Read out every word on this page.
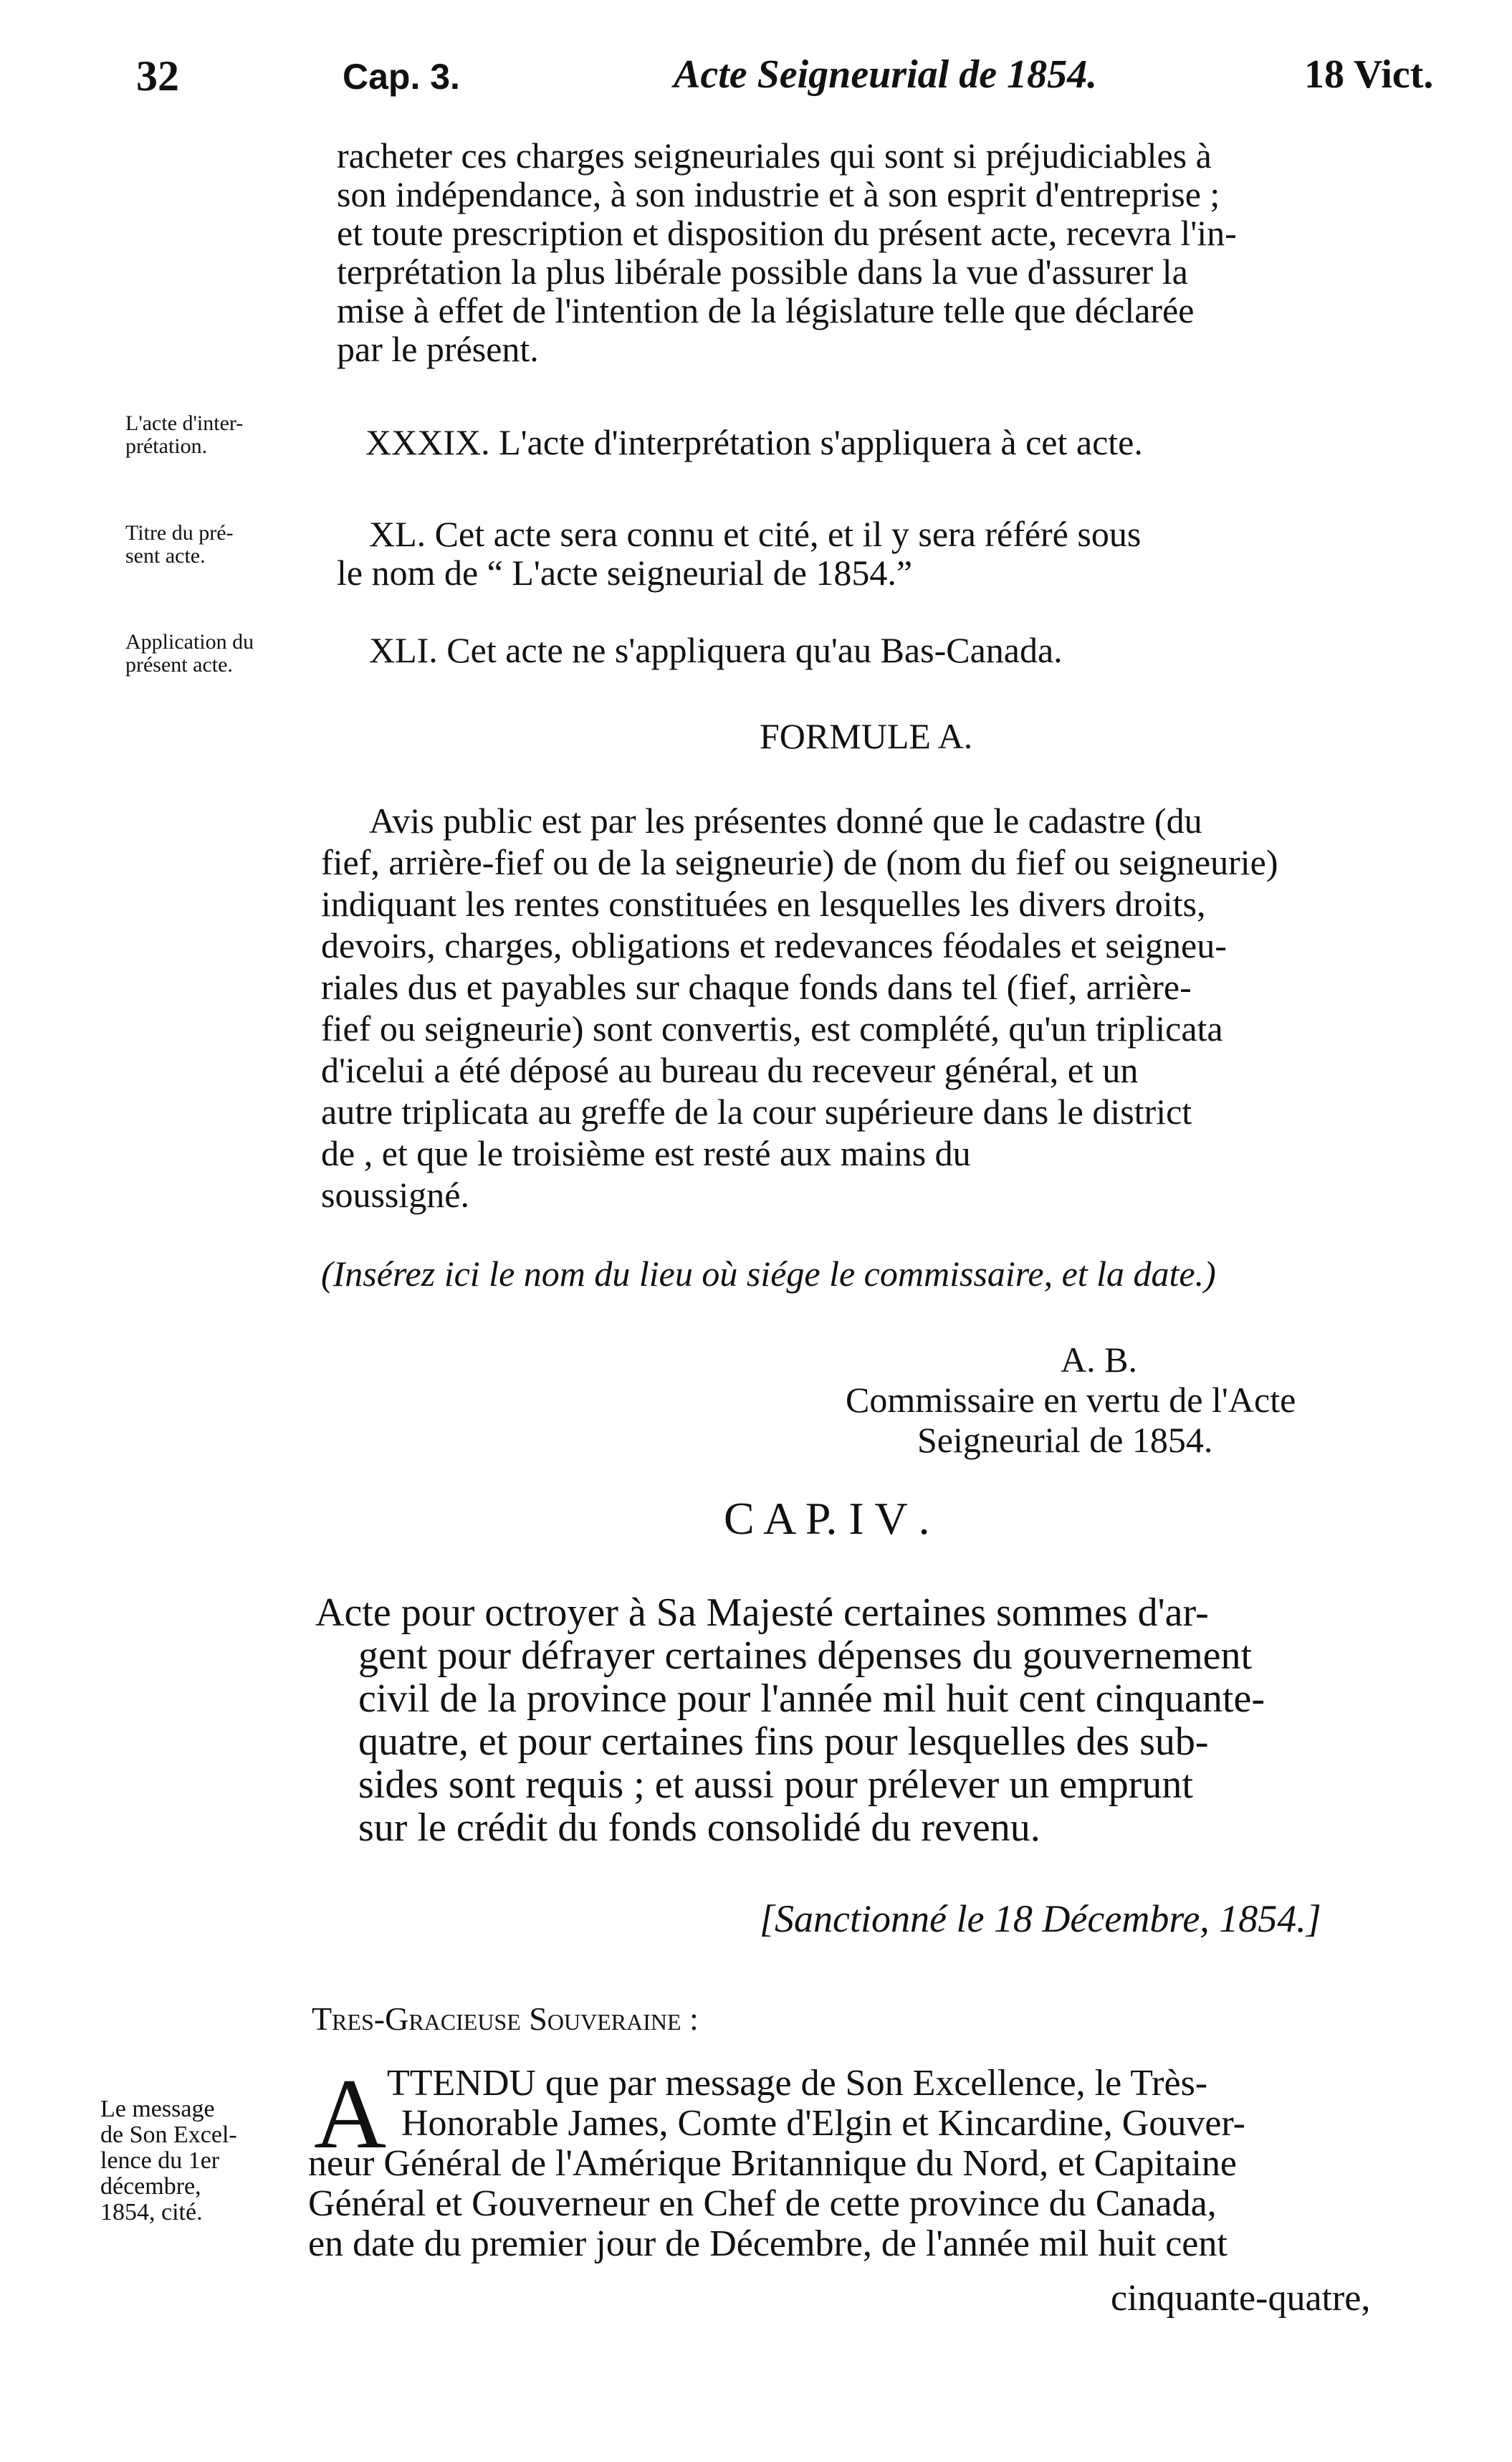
32	Cap. 3.	Acte Seigneurial de 1854.	18 Vict.
racheter ces charges seigneuriales qui sont si préjudiciables à
son indépendance, à son industrie et à son esprit d'entreprise ;
et toute prescription et disposition du présent acte, recevra l'in-
terprétation la plus libérale possible dans la vue d'assurer la
mise à effet de l'intention de la législature telle que déclarée
par le présent.
L'acte d'inter-
prétation.	XXXIX. L'acte d'interprétation s'appliquera à cet acte.
Titre du pré-
sent acte.
XL. Cet acte sera connu et cité, et il y sera référé sous
le nom de “ L'acte seigneurial de 1854.”
Application du
présent acte.	XLI. Cet acte ne s'appliquera qu'au Bas-Canada.
FORMULE A.
Avis public est par les présentes donné que le cadastre (du
fief, arrière-fief ou de la seigneurie) de (nom du fief ou seigneurie)
indiquant les rentes constituées en lesquelles les divers droits,
devoirs, charges, obligations et redevances féodales et seigneu-
riales dus et payables sur chaque fonds dans tel (fief, arrière-
fief ou seigneurie) sont convertis, est complété, qu'un triplicata
d'icelui a été déposé au bureau du receveur général, et un
autre triplicata au greffe de la cour supérieure dans le district
de , et que le troisième est resté aux mains du
soussigné.
(Insérez ici le nom du lieu où siége le commissaire, et la date.)
A. B.
Commissaire en vertu de l'Acte
Seigneurial de 1854.
C A P. I V .
Acte pour octroyer à Sa Majesté certaines sommes d'ar-
gent pour défrayer certaines dépenses du gouvernement
civil de la province pour l'année mil huit cent cinquante-
quatre, et pour certaines fins pour lesquelles des sub-
sides sont requis ; et aussi pour prélever un emprunt
sur le crédit du fonds consolidé du revenu.
[Sanctionné le 18 Décembre, 1854.]
Tres-Gracieuse Souveraine :
Le message
de Son Excel-
lence du 1er
décembre,
1854, cité.
A TTENDU que par message de Son Excellence, le Très-
Honorable James, Comte d'Elgin et Kincardine, Gouver-
neur Général de l'Amérique Britannique du Nord, et Capitaine
Général et Gouverneur en Chef de cette province du Canada,
en date du premier jour de Décembre, de l'année mil huit cent
cinquante-quatre,
